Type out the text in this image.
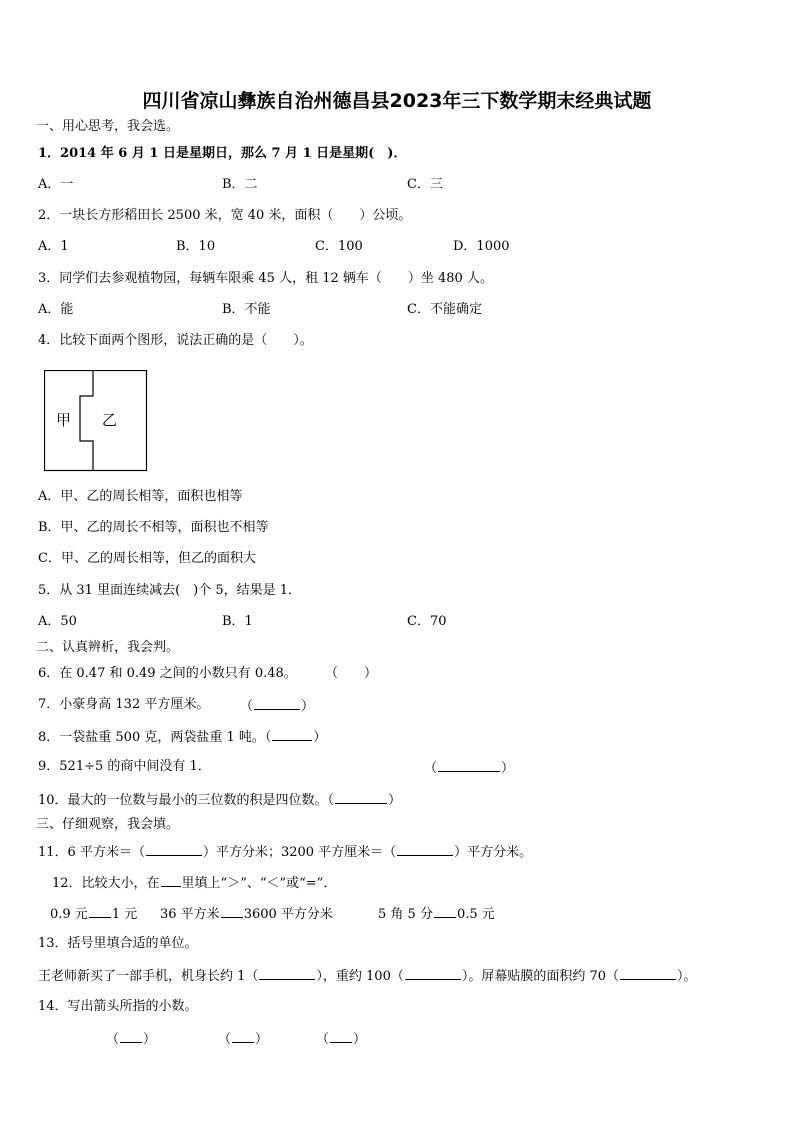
四川省凉山彝族自治州德昌县2023年三下数学期末经典试题
一、用心思考，我会选。
1．2014 年 6 月 1 日是星期日，那么 7 月 1 日是星期(　)．
A．一	B．二	C．三
2．一块长方形稻田长 2500 米，宽 40 米，面积（　　）公顷。
A．1	B．10	C．100	D．1000
3．同学们去参观植物园，每辆车限乘 45 人，租 12 辆车（　　）坐 480 人。
A．能	B．不能	C．不能确定
4．比较下面两个图形，说法正确的是（　　）。
甲 乙
A．甲、乙的周长相等，面积也相等
B．甲、乙的周长不相等，面积也不相等
C．甲、乙的周长相等，但乙的面积大
5．从 31 里面连续减去(　)个 5，结果是 1．
A．50	B．1	C．70
二、认真辨析，我会判。
6．在 0.47 和 0.49 之间的小数只有 0.48。 （　　）
7．小豪身高 132 平方厘米。 （	）
8．一袋盐重 500 克，两袋盐重 1 吨。（	）
9．521÷5 的商中间没有 1．	（	）
10．最大的一位数与最小的三位数的积是四位数。（	）
三、仔细观察，我会填。
11．6 平方米＝（	）平方分米；3200 平方厘米＝（	）平方分米。
12．比较大小，在 里填上“＞”、“＜”或“=”．
0.9 元 1 元 36 平方米 3600 平方分米	5 角 5 分 0.5 元
13．括号里填合适的单位。
王老师新买了一部手机，机身长约 1（	），重约 100（	）。屏幕贴膜的面积约 70（	）。
14．写出箭头所指的小数。
（ ）	（ ）	（ ）
